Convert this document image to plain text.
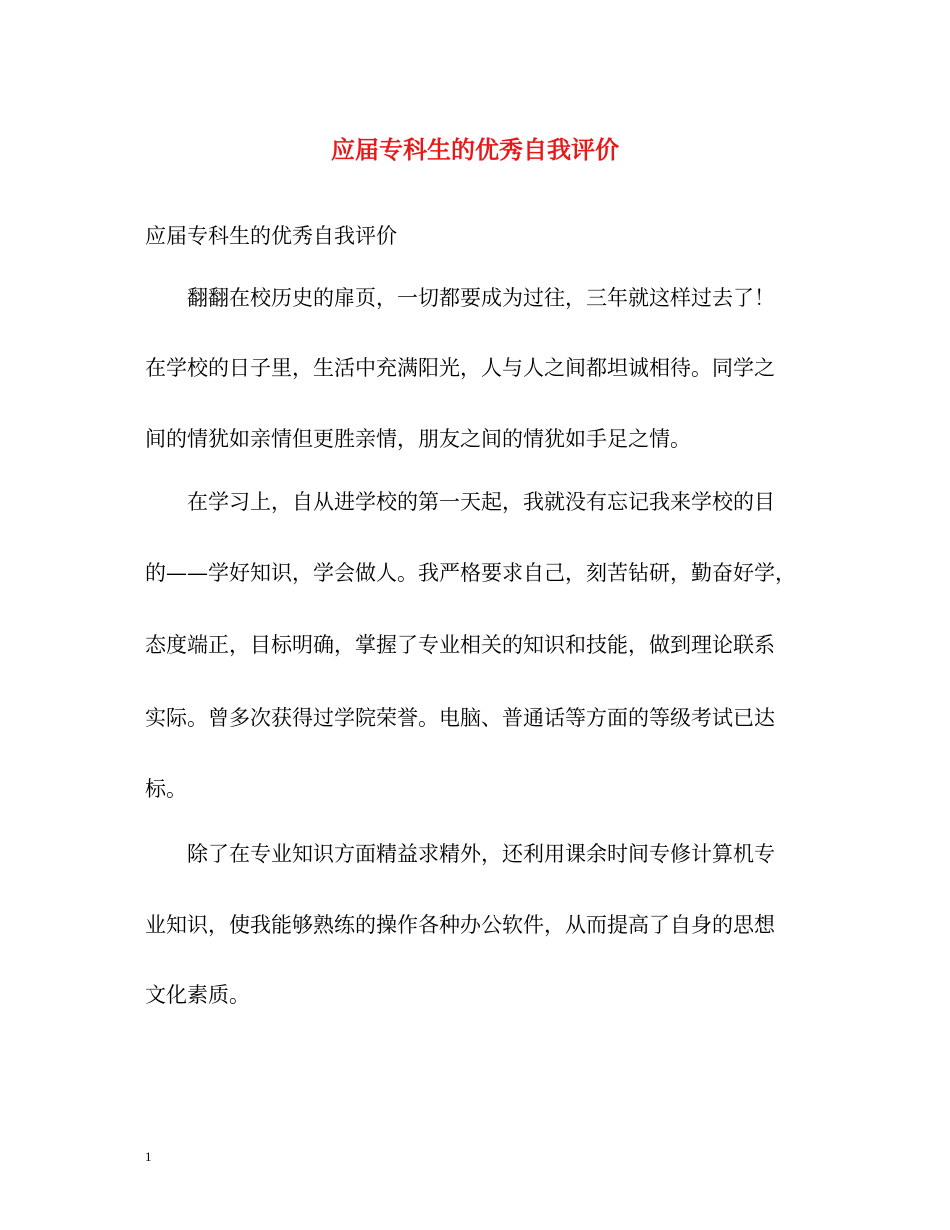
应届专科生的优秀自我评价
应届专科生的优秀自我评价
翻翻在校历史的扉页，一切都要成为过往，三年就这样过去了！
在学校的日子里，生活中充满阳光，人与人之间都坦诚相待。同学之
间的情犹如亲情但更胜亲情，朋友之间的情犹如手足之情。
在学习上，自从进学校的第一天起，我就没有忘记我来学校的目
的——学好知识，学会做人。我严格要求自己，刻苦钻研，勤奋好学，
态度端正，目标明确，掌握了专业相关的知识和技能，做到理论联系
实际。曾多次获得过学院荣誉。电脑、普通话等方面的等级考试已达
标。
除了在专业知识方面精益求精外，还利用课余时间专修计算机专
业知识，使我能够熟练的操作各种办公软件，从而提高了自身的思想
文化素质。
1
